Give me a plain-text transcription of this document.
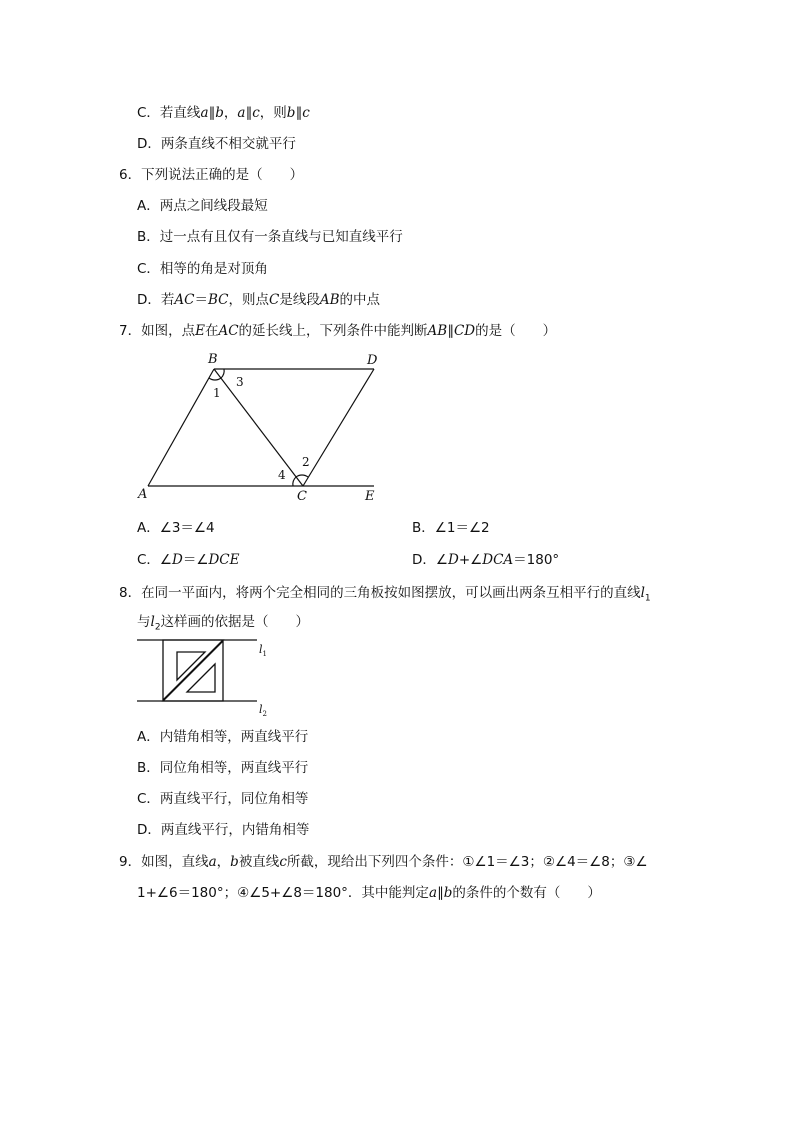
C．若直线a∥b，a∥c，则b∥c
D．两条直线不相交就平行
6．下列说法正确的是（　　）
A．两点之间线段最短
B．过一点有且仅有一条直线与已知直线平行
C．相等的角是对顶角
D．若AC＝BC，则点C是线段AB的中点
7．如图，点E在AC的延长线上，下列条件中能判断AB∥CD的是（　　）
A
B
C
D
E
1
3
2
4
A．∠3＝∠4	B．∠1＝∠2
C．∠D＝∠DCE	D．∠D+∠DCA＝180°
8．在同一平面内，将两个完全相同的三角板按如图摆放，可以画出两条互相平行的直线$l_1$
与$l_2$这样画的依据是（　　）
$l_1$
$l_2$
A．内错角相等，两直线平行
B．同位角相等，两直线平行
C．两直线平行，同位角相等
D．两直线平行，内错角相等
9．如图，直线a，b被直线c所截，现给出下列四个条件：①∠1＝∠3；②∠4＝∠8；③∠
1+∠6＝180°；④∠5+∠8＝180°．其中能判定a∥b的条件的个数有（　　）
